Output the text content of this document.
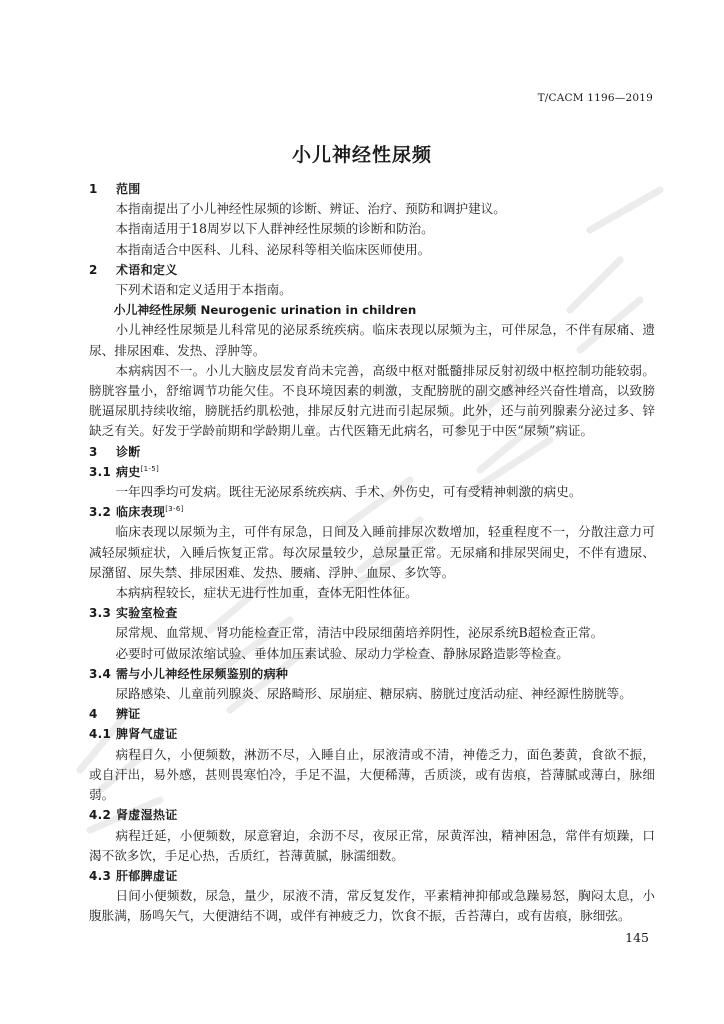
T/CACM 1196—2019
小儿神经性尿频

1 范围

本指南提出了小儿神经性尿频的诊断、辨证、治疗、预防和调护建议。

本指南适用于18周岁以下人群神经性尿频的诊断和防治。

本指南适合中医科、儿科、泌尿科等相关临床医师使用。

2 术语和定义

下列术语和定义适用于本指南。

小儿神经性尿频 Neurogenic urination in children

小儿神经性尿频是儿科常见的泌尿系统疾病。临床表现以尿频为主，可伴尿急，不伴有尿痛、遗尿、排尿困难、发热、浮肿等。

本病病因不一。小儿大脑皮层发育尚未完善，高级中枢对骶髓排尿反射初级中枢控制功能较弱。膀胱容量小，舒缩调节功能欠佳。不良环境因素的刺激，支配膀胱的副交感神经兴奋性增高，以致膀胱逼尿肌持续收缩，膀胱括约肌松弛，排尿反射亢进而引起尿频。此外，还与前列腺素分泌过多、锌缺乏有关。好发于学龄前期和学龄期儿童。古代医籍无此病名，可参见于中医“尿频”病证。

3 诊断

3.1 病史[1-5]

一年四季均可发病。既往无泌尿系统疾病、手术、外伤史，可有受精神刺激的病史。

3.2 临床表现[3-6]

临床表现以尿频为主，可伴有尿急，日间及入睡前排尿次数增加，轻重程度不一，分散注意力可减轻尿频症状，入睡后恢复正常。每次尿量较少，总尿量正常。无尿痛和排尿哭闹史，不伴有遗尿、尿潴留、尿失禁、排尿困难、发热、腰痛、浮肿、血尿、多饮等。

本病病程较长，症状无进行性加重，查体无阳性体征。

3.3 实验室检查

尿常规、血常规、肾功能检查正常，清洁中段尿细菌培养阴性，泌尿系统B超检查正常。

必要时可做尿浓缩试验、垂体加压素试验、尿动力学检查、静脉尿路造影等检查。

3.4 需与小儿神经性尿频鉴别的病种

尿路感染、儿童前列腺炎、尿路畸形、尿崩症、糖尿病、膀胱过度活动症、神经源性膀胱等。

4 辨证

4.1 脾肾气虚证

病程日久，小便频数，淋沥不尽，入睡自止，尿液清或不清，神倦乏力，面色萎黄，食欲不振，或自汗出，易外感，甚则畏寒怕冷，手足不温，大便稀薄，舌质淡，或有齿痕，苔薄腻或薄白，脉细弱。

4.2 肾虚湿热证

病程迁延，小便频数，尿意窘迫，余沥不尽，夜尿正常，尿黄浑浊，精神困急，常伴有烦躁，口渴不欲多饮，手足心热，舌质红，苔薄黄腻，脉濡细数。

4.3 肝郁脾虚证

日间小便频数，尿急，量少，尿液不清，常反复发作，平素精神抑郁或急躁易怒，胸闷太息，小腹胀满，肠鸣矢气，大便溏结不调，或伴有神疲乏力，饮食不振，舌苔薄白，或有齿痕，脉细弦。

145
